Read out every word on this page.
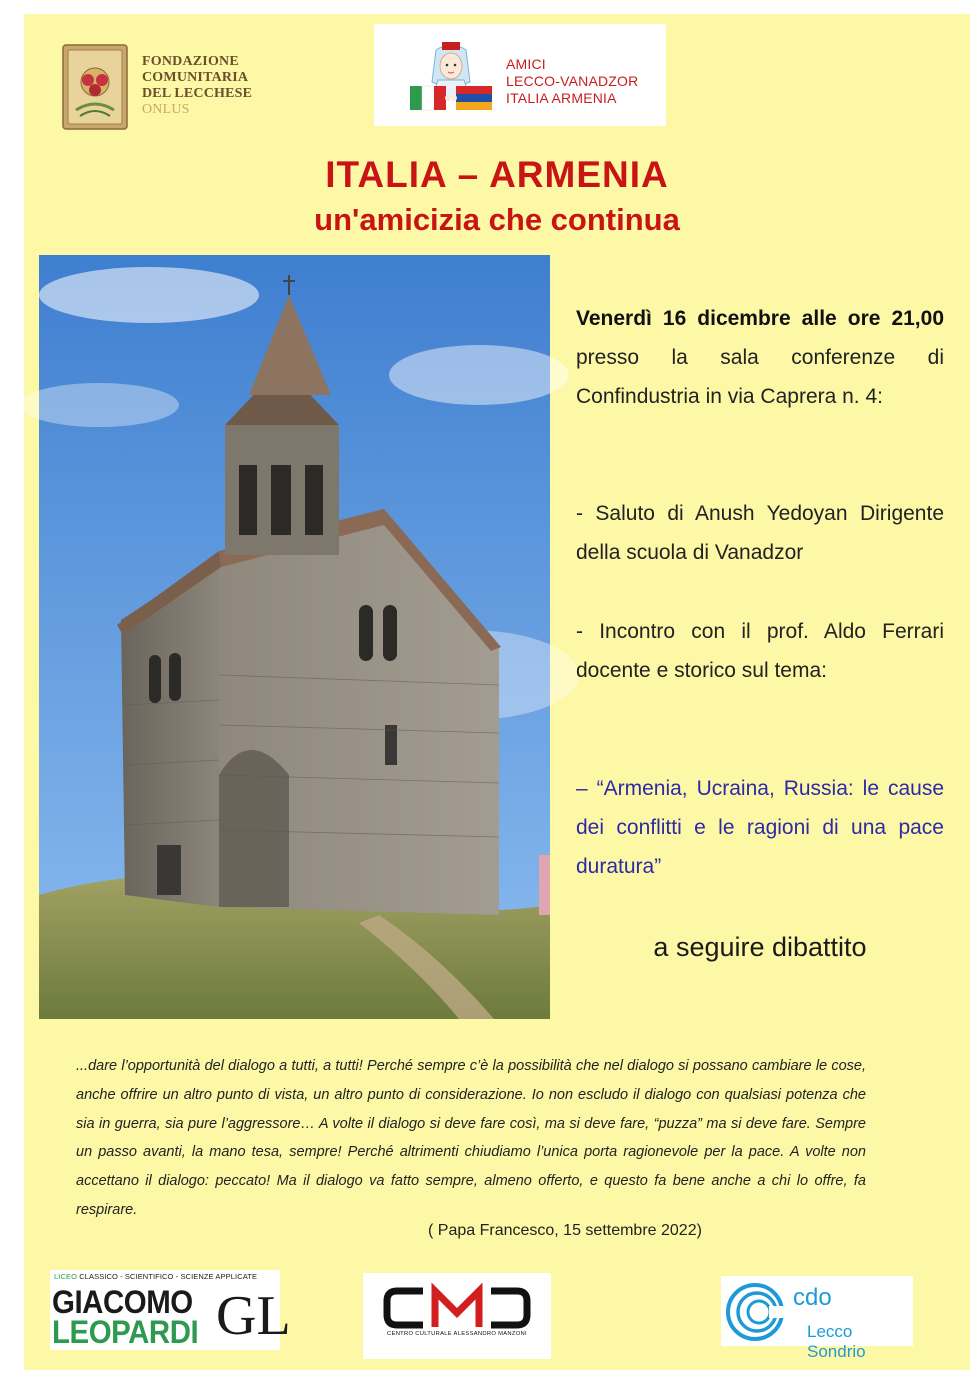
FONDAZIONE
COMUNITARIA
DEL LECCHESE
ONLUS
AMICI
LECCO-VANADZOR
ITALIA ARMENIA
ITALIA – ARMENIA
un'amicizia che continua

Venerdì 16 dicembre alle ore 21,00 presso la sala conferenze di Confindustria in via Caprera n. 4:

- Saluto di Anush Yedoyan Dirigente della scuola di Vanadzor

- Incontro con il prof. Aldo Ferrari docente e storico sul tema:

– “Armenia, Ucraina, Russia: le cause dei conflitti e le ragioni di una pace duratura”

a seguire dibattito

...dare l’opportunità del dialogo a tutti, a tutti! Perché sempre c’è la possibilità che nel dialogo si possano cambiare le cose, anche offrire un altro punto di vista, un altro punto di considerazione. Io non escludo il dialogo con qualsiasi potenza che sia in guerra, sia pure l’aggressore… A volte il dialogo si deve fare così, ma si deve fare, “puzza” ma si deve fare. Sempre un passo avanti, la mano tesa, sempre! Perché altrimenti chiudiamo l’unica porta ragionevole per la pace. A volte non accettano il dialogo: peccato! Ma il dialogo va fatto sempre, almeno offerto, e questo fa bene anche a chi lo offre, fa respirare.

( Papa Francesco, 15 settembre 2022)
LICEO CLASSICO - SCIENTIFICO - SCIENZE APPLICATE
GIACOMO
LEOPARDI GL	CENTRO CULTURALE ALESSANDRO MANZONI
cdo
Lecco Sondrio
